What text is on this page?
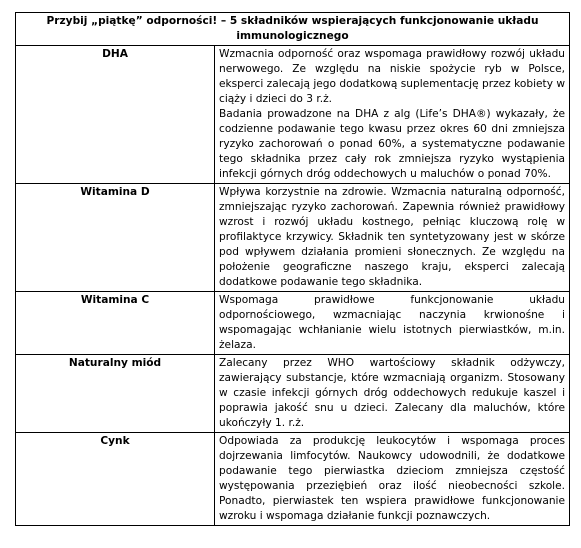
Przybij „piątkę” odporności! – 5 składników wspierających funkcjonowanie układu immunologicznego	
DHA	Wzmacnia odporność oraz wspomaga prawidłowy rozwój układu nerwowego. Ze względu na niskie spożycie ryb w Polsce, eksperci zalecają jego dodatkową suplementację przez kobiety w ciąży i dzieci do 3 r.ż.
Badania prowadzone na DHA z alg (Life’s DHA®) wykazały, że codzienne podawanie tego kwasu przez okres 60 dni zmniejsza ryzyko zachorowań o ponad 60%, a systematyczne podawanie tego składnika przez cały rok zmniejsza ryzyko wystąpienia infekcji górnych dróg oddechowych u maluchów o ponad 70%.

Witamina D	Wpływa korzystnie na zdrowie. Wzmacnia naturalną odporność, zmniejszając ryzyko zachorowań. Zapewnia również prawidłowy wzrost i rozwój układu kostnego, pełniąc kluczową rolę w profilaktyce krzywicy. Składnik ten syntetyzowany jest w skórze pod wpływem działania promieni słonecznych. Ze względu na położenie geograficzne naszego kraju, eksperci zalecają dodatkowe podawanie tego składnika.

Witamina C	Wspomaga prawidłowe funkcjonowanie układu odpornościowego, wzmacniając naczynia krwionośne i wspomagając wchłanianie wielu istotnych pierwiastków, m.in. żelaza.

Naturalny miód	Zalecany przez WHO wartościowy składnik odżywczy, zawierający substancje, które wzmacniają organizm. Stosowany w czasie infekcji górnych dróg oddechowych redukuje kaszel i poprawia jakość snu u dzieci. Zalecany dla maluchów, które ukończyły 1. r.ż.

Cynk	Odpowiada za produkcję leukocytów i wspomaga proces dojrzewania limfocytów. Naukowcy udowodnili, że dodatkowe podawanie tego pierwiastka dzieciom zmniejsza częstość występowania przeziębień oraz ilość nieobecności szkole. Ponadto, pierwiastek ten wspiera prawidłowe funkcjonowanie wzroku i wspomaga działanie funkcji poznawczych.
